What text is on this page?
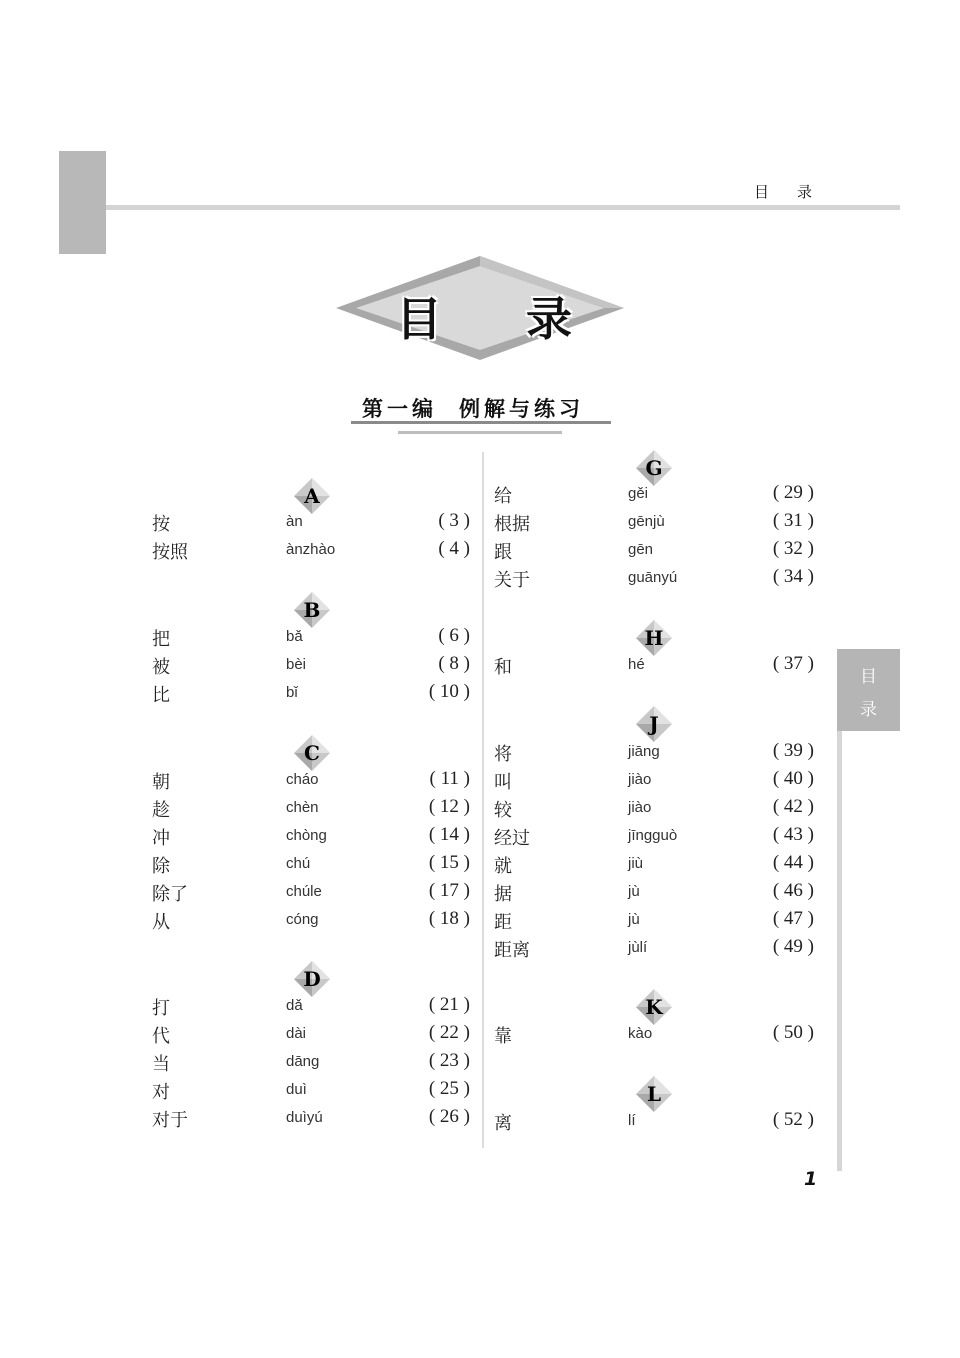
目 录
目 录
第一编 例解与练习
A
按	àn	( 3 )
按照	ànzhào	( 4 )
B
把	bǎ	( 6 )
被	bèi	( 8 )
比	bǐ	( 10 )
C
朝	cháo	( 11 )
趁	chèn	( 12 )
冲	chòng	( 14 )
除	chú	( 15 )
除了	chúle	( 17 )
从	cóng	( 18 )
D
打	dǎ	( 21 )
代	dài	( 22 )
当	dāng	( 23 )
对	duì	( 25 )
对于	duìyú	( 26 )
G
给	gěi	( 29 )
根据	gēnjù	( 31 )
跟	gēn	( 32 )
关于	guānyú	( 34 )
H
和	hé	( 37 )
J
将	jiāng	( 39 )
叫	jiào	( 40 )
较	jiào	( 42 )
经过	jīngguò	( 43 )
就	jiù	( 44 )
据	jù	( 46 )
距	jù	( 47 )
距离	jùlí	( 49 )
K
靠	kào	( 50 )
L
离	lí	( 52 )
目
录
1
